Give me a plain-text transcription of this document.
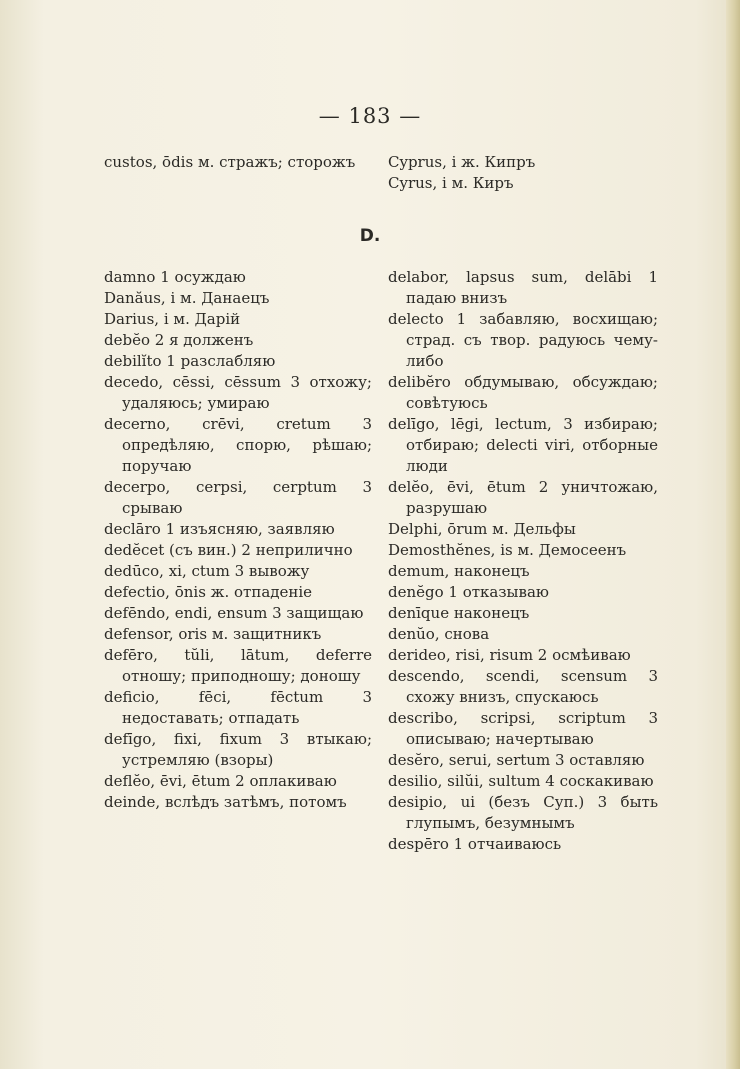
— 183 —
custos, ōdis м. стражъ; сторожъ	Cyprus, i ж. Кипръ
Cyrus, i м. Киръ
D.
damno 1 осуждаю
Danăus, i м. Данаецъ
Darius, i м. Дарій
debĕo 2 я долженъ
debilĭto 1 разслабляю
decedo, cēssi, cēssum 3 отхожу; удаляюсь; умираю
decerno, crēvi, cretum 3 опредѣляю, спорю, рѣшаю; поручаю
decerpo, cerpsi, cerptum 3 срываю
declāro 1 изъясняю, заявляю
dedĕcet (съ вин.) 2 неприлично
dedūco, xi, ctum 3 вывожу
defectio, ōnis ж. отпаденіе
defēndo, endi, ensum 3 защищаю
defensor, oris м. защитникъ
defēro, tŭli, lātum, deferre отношу; приподношу; доношу
deficio, fēci, fēctum 3 недоставать; отпадать
defīgo, fixi, fixum 3 втыкаю; устремляю (взоры)
deflĕo, ēvi, ētum 2 оплакиваю
deinde, вслѣдъ затѣмъ, потомъ
delabor, lapsus sum, delābi 1 падаю внизъ
delecto 1 забавляю, восхищаю; страд. съ твор. радуюсь чему-либо
delibĕro обдумываю, обсуждаю; совѣтуюсь
delīgo, lēgi, lectum, 3 избираю; отбираю; delecti viri, отборные люди
delĕo, ēvi, ētum 2 уничтожаю, разрушаю
Delphi, ōrum м. Дельфы
Demosthĕnes, is м. Демосеенъ
demum, наконецъ
denĕgo 1 отказываю
denīque наконецъ
denŭo, снова
derideo, risi, risum 2 осмѣиваю
descendo, scendi, scensum 3 схожу внизъ, спускаюсь
describo, scripsi, scriptum 3 описываю; начертываю
desĕro, serui, sertum 3 оставляю
desilio, silŭi, sultum 4 соскакиваю
desipio, ui (безъ Суп.) 3 быть глупымъ, безумнымъ
despēro 1 отчаиваюсь
